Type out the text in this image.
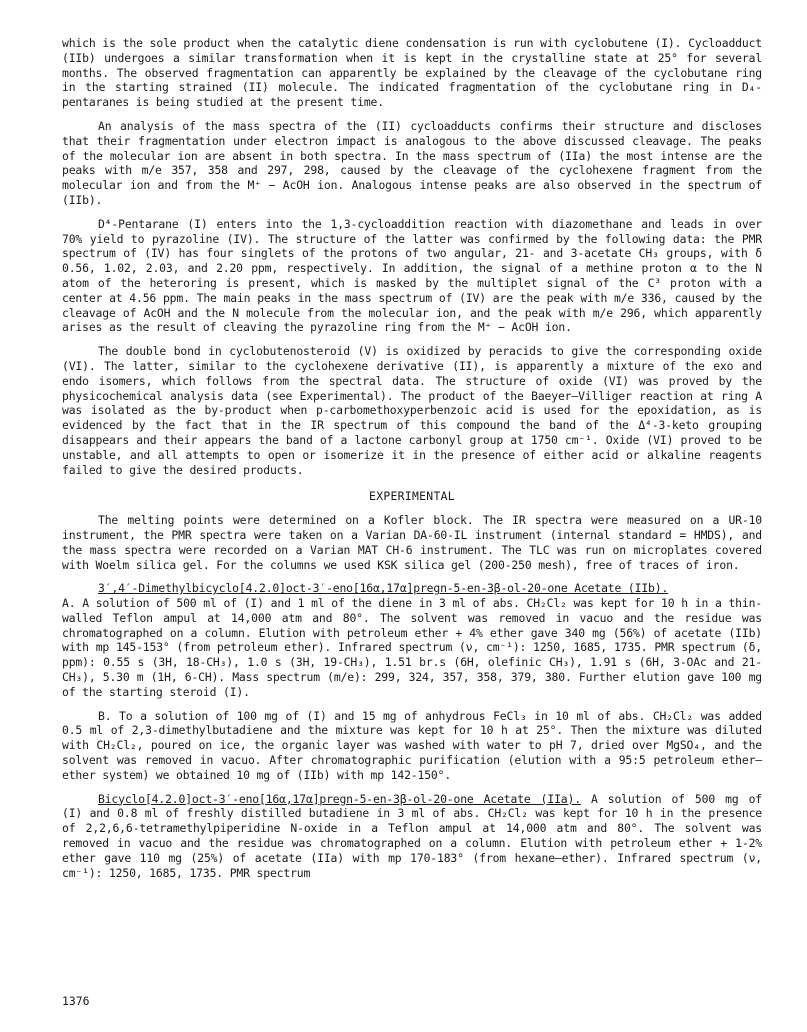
which is the sole product when the catalytic diene condensation is run with cyclobutene (I). Cycloadduct (IIb) undergoes a similar transformation when it is kept in the crystalline state at 25° for several months. The observed fragmentation can apparently be explained by the cleavage of the cyclobutane ring in the starting strained (II) molecule. The indicated fragmentation of the cyclobutane ring in D₄-pentaranes is being studied at the present time.

An analysis of the mass spectra of the (II) cycloadducts confirms their structure and discloses that their fragmentation under electron impact is analogous to the above discussed cleavage. The peaks of the molecular ion are absent in both spectra. In the mass spectrum of (IIa) the most intense are the peaks with m/e 357, 358 and 297, 298, caused by the cleavage of the cyclohexene fragment from the molecular ion and from the M⁺ − AcOH ion. Analogous intense peaks are also observed in the spectrum of (IIb).

D⁴-Pentarane (I) enters into the 1,3-cycloaddition reaction with diazomethane and leads in over 70% yield to pyrazoline (IV). The structure of the latter was confirmed by the following data: the PMR spectrum of (IV) has four singlets of the protons of two angular, 21- and 3-acetate CH₃ groups, with δ 0.56, 1.02, 2.03, and 2.20 ppm, respectively. In addition, the signal of a methine proton α to the N atom of the heteroring is present, which is masked by the multiplet signal of the C³ proton with a center at 4.56 ppm. The main peaks in the mass spectrum of (IV) are the peak with m/e 336, caused by the cleavage of AcOH and the N molecule from the molecular ion, and the peak with m/e 296, which apparently arises as the result of cleaving the pyrazoline ring from the M⁺ − AcOH ion.

The double bond in cyclobutenosteroid (V) is oxidized by peracids to give the corresponding oxide (VI). The latter, similar to the cyclohexene derivative (II), is apparently a mixture of the exo and endo isomers, which follows from the spectral data. The structure of oxide (VI) was proved by the physicochemical analysis data (see Experimental). The product of the Baeyer–Villiger reaction at ring A was isolated as the by-product when p-carbomethoxyperbenzoic acid is used for the epoxidation, as is evidenced by the fact that in the IR spectrum of this compound the band of the Δ⁴-3-keto grouping disappears and their appears the band of a lactone carbonyl group at 1750 cm⁻¹. Oxide (VI) proved to be unstable, and all attempts to open or isomerize it in the presence of either acid or alkaline reagents failed to give the desired products.

EXPERIMENTAL

The melting points were determined on a Kofler block. The IR spectra were measured on a UR-10 instrument, the PMR spectra were taken on a Varian DA-60-IL instrument (internal standard = HMDS), and the mass spectra were recorded on a Varian MAT CH-6 instrument. The TLC was run on microplates covered with Woelm silica gel. For the columns we used KSK silica gel (200-250 mesh), free of traces of iron.

3′,4′-Dimethylbicyclo[4.2.0]oct-3′-eno[16α,17α]pregn-5-en-3β-ol-20-one Acetate (IIb).

A. A solution of 500 ml of (I) and 1 ml of the diene in 3 ml of abs. CH₂Cl₂ was kept for 10 h in a thin-walled Teflon ampul at 14,000 atm and 80°. The solvent was removed in vacuo and the residue was chromatographed on a column. Elution with petroleum ether + 4% ether gave 340 mg (56%) of acetate (IIb) with mp 145-153° (from petroleum ether). Infrared spectrum (ν, cm⁻¹): 1250, 1685, 1735. PMR spectrum (δ, ppm): 0.55 s (3H, 18-CH₃), 1.0 s (3H, 19-CH₃), 1.51 br.s (6H, olefinic CH₃), 1.91 s (6H, 3-OAc and 21-CH₃), 5.30 m (1H, 6-CH). Mass spectrum (m/e): 299, 324, 357, 358, 379, 380. Further elution gave 100 mg of the starting steroid (I).

B. To a solution of 100 mg of (I) and 15 mg of anhydrous FeCl₃ in 10 ml of abs. CH₂Cl₂ was added 0.5 ml of 2,3-dimethylbutadiene and the mixture was kept for 10 h at 25°. Then the mixture was diluted with CH₂Cl₂, poured on ice, the organic layer was washed with water to pH 7, dried over MgSO₄, and the solvent was removed in vacuo. After chromatographic purification (elution with a 95:5 petroleum ether–ether system) we obtained 10 mg of (IIb) with mp 142-150°.

Bicyclo[4.2.0]oct-3′-eno[16α,17α]pregn-5-en-3β-ol-20-one Acetate (IIa). A solution of 500 mg of (I) and 0.8 ml of freshly distilled butadiene in 3 ml of abs. CH₂Cl₂ was kept for 10 h in the presence of 2,2,6,6-tetramethylpiperidine N-oxide in a Teflon ampul at 14,000 atm and 80°. The solvent was removed in vacuo and the residue was chromatographed on a column. Elution with petroleum ether + 1-2% ether gave 110 mg (25%) of acetate (IIa) with mp 170-183° (from hexane–ether). Infrared spectrum (ν, cm⁻¹): 1250, 1685, 1735. PMR spectrum

1376
